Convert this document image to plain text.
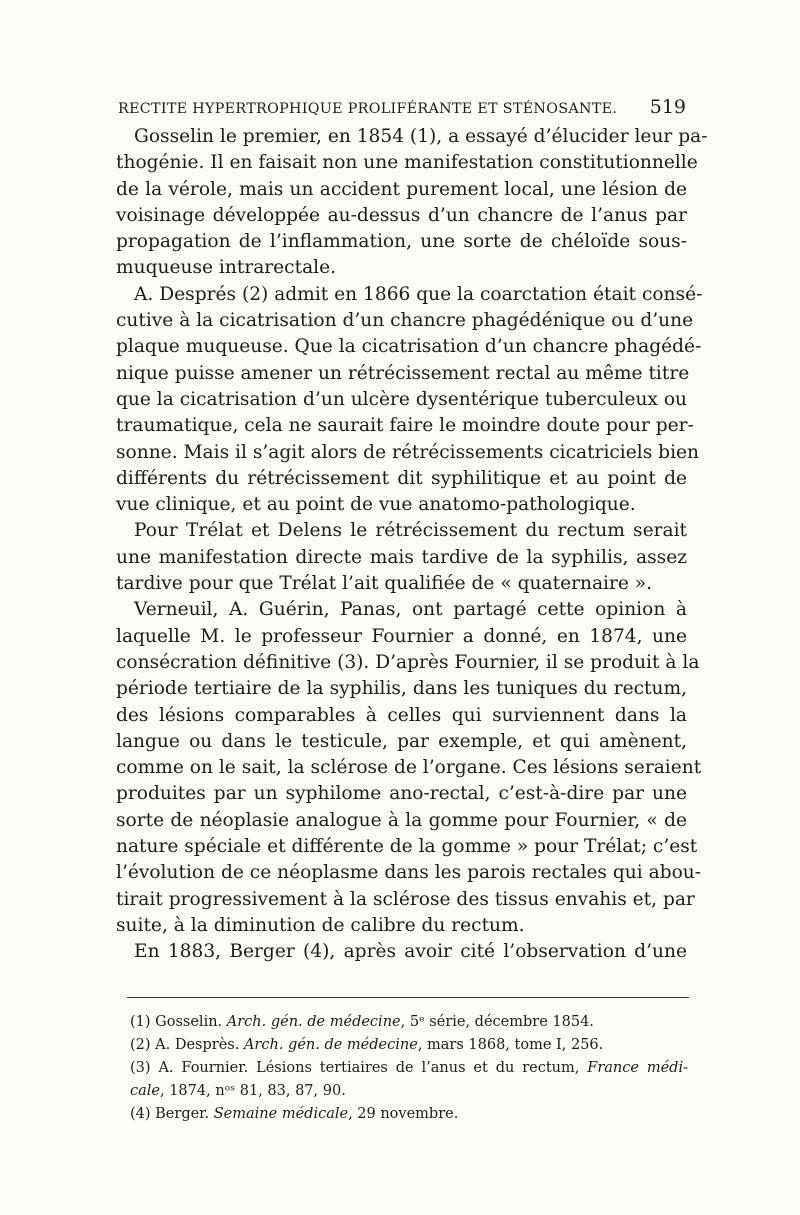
RECTITE HYPERTROPHIQUE PROLIFÉRANTE ET STÉNOSANTE. 519
Gosselin le premier, en 1854 (1), a essayé d’élucider leur pa-
thogénie. Il en faisait non une manifestation constitutionnelle
de la vérole, mais un accident purement local, une lésion de
voisinage développée au-dessus d’un chancre de l’anus par
propagation de l’inflammation, une sorte de chéloïde sous-
muqueuse intrarectale.
A. Després (2) admit en 1866 que la coarctation était consé-
cutive à la cicatrisation d’un chancre phagédénique ou d’une
plaque muqueuse. Que la cicatrisation d’un chancre phagédé-
nique puisse amener un rétrécissement rectal au même titre
que la cicatrisation d’un ulcère dysentérique tuberculeux ou
traumatique, cela ne saurait faire le moindre doute pour per-
sonne. Mais il s’agit alors de rétrécissements cicatriciels bien
différents du rétrécissement dit syphilitique et au point de
vue clinique, et au point de vue anatomo-pathologique.
Pour Trélat et Delens le rétrécissement du rectum serait
une manifestation directe mais tardive de la syphilis, assez
tardive pour que Trélat l’ait qualifiée de « quaternaire ».
Verneuil, A. Guérin, Panas, ont partagé cette opinion à
laquelle M. le professeur Fournier a donné, en 1874, une
consécration définitive (3). D’après Fournier, il se produit à la
période tertiaire de la syphilis, dans les tuniques du rectum,
des lésions comparables à celles qui surviennent dans la
langue ou dans le testicule, par exemple, et qui amènent,
comme on le sait, la sclérose de l’organe. Ces lésions seraient
produites par un syphilome ano-rectal, c’est-à-dire par une
sorte de néoplasie analogue à la gomme pour Fournier, « de
nature spéciale et différente de la gomme » pour Trélat; c’est
l’évolution de ce néoplasme dans les parois rectales qui abou-
tirait progressivement à la sclérose des tissus envahis et, par
suite, à la diminution de calibre du rectum.
En 1883, Berger (4), après avoir cité l’observation d’une
(1) Gosselin. Arch. gén. de médecine, 5ᵉ série, décembre 1854.
(2) A. Desprès. Arch. gén. de médecine, mars 1868, tome I, 256.
(3) A. Fournier. Lésions tertiaires de l’anus et du rectum, France médi-
cale, 1874, nᵒˢ 81, 83, 87, 90.
(4) Berger. Semaine médicale, 29 novembre.
